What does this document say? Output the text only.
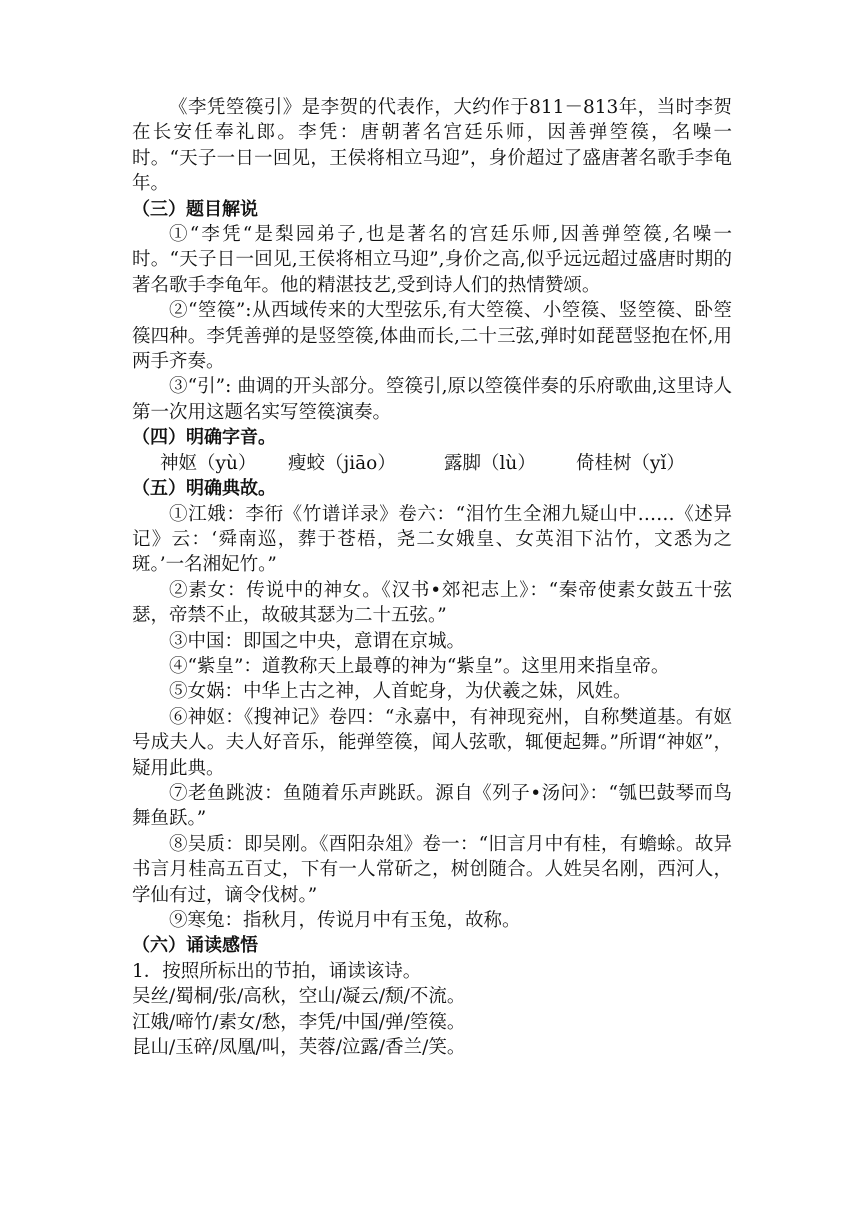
《李凭箜篌引》是李贺的代表作，大约作于811－813年，当时李贺在长安任奉礼郎。李凭：唐朝著名宫廷乐师，因善弹箜篌，名噪一时。“天子一日一回见，王侯将相立马迎”，身价超过了盛唐著名歌手李龟年。

（三）题目解说

①“李凭“是梨园弟子,也是著名的宫廷乐师,因善弹箜篌,名噪一时。“天子日一回见,王侯将相立马迎”,身价之高,似乎远远超过盛唐时期的著名歌手李龟年。他的精湛技艺,受到诗人们的热情赞颂。

②“箜篌”:从西域传来的大型弦乐,有大箜篌、小箜篌、竖箜篌、卧箜篌四种。李凭善弹的是竖箜篌,体曲而长,二十三弦,弹时如琵琶竖抱在怀,用两手齐奏。

③“引”: 曲调的开头部分。箜篌引,原以箜篌伴奏的乐府歌曲,这里诗人第一次用这题名实写箜篌演奏。

（四）明确字音。

神妪（yù）	瘦蛟（jiāo）	露脚（lù）	倚桂树（yǐ）

（五）明确典故。

①江娥：李衎《竹谱详录》卷六：“泪竹生全湘九疑山中……《述异记》云：‘舜南巡，葬于苍梧，尧二女娥皇、女英泪下沾竹，文悉为之斑。’一名湘妃竹。”

②素女：传说中的神女。《汉书•郊祀志上》：“秦帝使素女鼓五十弦瑟，帝禁不止，故破其瑟为二十五弦。”

③中国：即国之中央，意谓在京城。

④“紫皇”：道教称天上最尊的神为“紫皇”。这里用来指皇帝。

⑤女娲：中华上古之神，人首蛇身，为伏羲之妹，风姓。

⑥神妪：《搜神记》卷四：“永嘉中，有神现兖州，自称樊道基。有妪号成夫人。夫人好音乐，能弹箜篌，闻人弦歌，辄便起舞。”所谓“神妪”，疑用此典。

⑦老鱼跳波：鱼随着乐声跳跃。源自《列子•汤问》：“瓠巴鼓琴而鸟舞鱼跃。”

⑧吴质：即吴刚。《酉阳杂俎》卷一：“旧言月中有桂，有蟾蜍。故异书言月桂高五百丈，下有一人常斫之，树创随合。人姓吴名刚，西河人，学仙有过，谪令伐树。”

⑨寒兔：指秋月，传说月中有玉兔，故称。

（六）诵读感悟

1．按照所标出的节拍，诵读该诗。

吴丝/蜀桐/张/高秋，空山/凝云/颓/不流。

江娥/啼竹/素女/愁，李凭/中国/弹/箜篌。

昆山/玉碎/凤凰/叫，芙蓉/泣露/香兰/笑。
